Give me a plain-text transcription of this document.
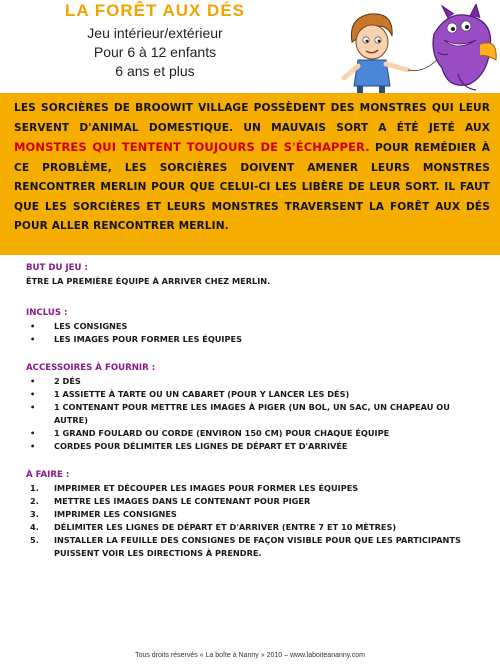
LA FORÊT AUX DÉS
Jeu intérieur/extérieur
Pour 6 à 12 enfants
6 ans et plus

LES SORCIÈRES DE BROOWIT VILLAGE POSSÈDENT DES MONSTRES QUI LEUR SERVENT D'ANIMAL DOMESTIQUE. UN MAUVAIS SORT A ÉTÉ JETÉ AUX MONSTRES QUI TENTENT TOUJOURS DE S'ÉCHAPPER. POUR REMÉDIER À CE PROBLÈME, LES SORCIÈRES DOIVENT AMENER LEURS MONSTRES RENCONTRER MERLIN POUR QUE CELUI-CI LES LIBÈRE DE LEUR SORT. IL FAUT QUE LES SORCIÈRES ET LEURS MONSTRES TRAVERSENT LA FORÊT AUX DÉS POUR ALLER RENCONTRER MERLIN.

BUT DU JEU :

ÊTRE LA PREMIÈRE ÉQUIPE À ARRIVER CHEZ MERLIN.

INCLUS :

• LES CONSIGNES
• LES IMAGES POUR FORMER LES ÉQUIPES

ACCESSOIRES À FOURNIR :

• 2 DÉS
• 1 ASSIETTE À TARTE OU UN CABARET (POUR Y LANCER LES DÉS)
• 1 CONTENANT POUR METTRE LES IMAGES À PIGER (UN BOL, UN SAC, UN CHAPEAU OU AUTRE)
• 1 GRAND FOULARD OU CORDE (ENVIRON 150 CM) POUR CHAQUE ÉQUIPE
• CORDES POUR DÉLIMITER LES LIGNES DE DÉPART ET D'ARRIVÉE

À FAIRE :

1. IMPRIMER ET DÉCOUPER LES IMAGES POUR FORMER LES ÉQUIPES
2. METTRE LES IMAGES DANS LE CONTENANT POUR PIGER
3. IMPRIMER LES CONSIGNES
4. DÉLIMITER LES LIGNES DE DÉPART ET D'ARRIVER (ENTRE 7 ET 10 MÈTRES)
5. INSTALLER LA FEUILLE DES CONSIGNES DE FAÇON VISIBLE POUR QUE LES PARTICIPANTS PUISSENT VOIR LES DIRECTIONS À PRENDRE.
Tous droits réservés « La boîte à Nanny » 2010 – www.laboiteananny.com
